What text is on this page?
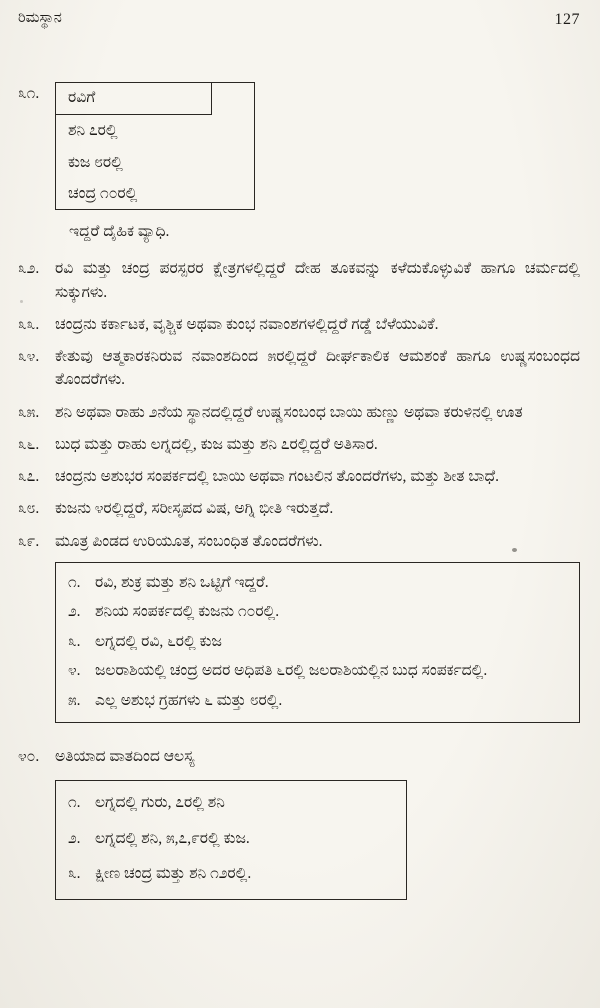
ರಿಮಸ್ಥಾನ	127
೩೧.	ರವಿಗೆ
ಶನಿ ೭ರಲ್ಲಿ
ಕುಜ ೮ರಲ್ಲಿ
ಚಂದ್ರ ೧೦ರಲ್ಲಿ

ಇದ್ದರೆ ದೈಹಿಕ ವ್ಯಾಧಿ.

೩೨.	ರವಿ ಮತ್ತು ಚಂದ್ರ ಪರಸ್ಪರರ ಕ್ಷೇತ್ರಗಳಲ್ಲಿದ್ದರೆ ದೇಹ ತೂಕವನ್ನು ಕಳೆದುಕೊಳ್ಳುವಿಕೆ ಹಾಗೂ ಚರ್ಮದಲ್ಲಿ ಸುಕ್ಕುಗಳು.

೩೩.	ಚಂದ್ರನು ಕರ್ಕಾಟಕ, ವೃಶ್ಚಿಕ ಅಥವಾ ಕುಂಭ ನವಾಂಶಗಳಲ್ಲಿದ್ದರೆ ಗಡ್ಡೆ ಬೆಳೆಯುವಿಕೆ.

೩೪.	ಕೇತುವು ಆತ್ಮಕಾರಕನಿರುವ ನವಾಂಶದಿಂದ ೫ರಲ್ಲಿದ್ದರೆ ದೀರ್ಘಕಾಲಿಕ ಆಮಶಂಕೆ ಹಾಗೂ ಉಷ್ಣಸಂಬಂಧದ ತೊಂದರೆಗಳು.

೩೫.	ಶನಿ ಅಥವಾ ರಾಹು ೨ನೆಯ ಸ್ಥಾನದಲ್ಲಿದ್ದರೆ ಉಷ್ಣಸಂಬಂಧ ಬಾಯಿ ಹುಣ್ಣು ಅಥವಾ ಕರುಳಿನಲ್ಲಿ ಊತ

೩೬.	ಬುಧ ಮತ್ತು ರಾಹು ಲಗ್ನದಲ್ಲಿ, ಕುಜ ಮತ್ತು ಶನಿ ೭ರಲ್ಲಿದ್ದರೆ ಅತಿಸಾರ.

೩೭.	ಚಂದ್ರನು ಅಶುಭರ ಸಂಪರ್ಕದಲ್ಲಿ ಬಾಯಿ ಅಥವಾ ಗಂಟಲಿನ ತೊಂದರೆಗಳು, ಮತ್ತು ಶೀತ ಬಾಧೆ.

೩೮.	ಕುಜನು ೪ರಲ್ಲಿದ್ದರೆ, ಸರೀಸೃಪದ ವಿಷ, ಅಗ್ನಿ ಭೀತಿ ಇರುತ್ತದೆ.

೩೯.	ಮೂತ್ರ ಪಿಂಡದ ಉರಿಯೂತ, ಸಂಬಂಧಿತ ತೊಂದರೆಗಳು.

೧. ರವಿ, ಶುಕ್ರ ಮತ್ತು ಶನಿ ಒಟ್ಟಿಗೆ ಇದ್ದರೆ.

೨. ಶನಿಯ ಸಂಪರ್ಕದಲ್ಲಿ ಕುಜನು ೧೦ರಲ್ಲಿ.

೩. ಲಗ್ನದಲ್ಲಿ ರವಿ, ೬ರಲ್ಲಿ ಕುಜ

೪. ಜಲರಾಶಿಯಲ್ಲಿ ಚಂದ್ರ ಅದರ ಅಧಿಪತಿ ೬ರಲ್ಲಿ ಜಲರಾಶಿಯಲ್ಲಿನ ಬುಧ ಸಂಪರ್ಕದಲ್ಲಿ.

೫. ಎಲ್ಲ ಅಶುಭ ಗ್ರಹಗಳು ೬ ಮತ್ತು ೮ರಲ್ಲಿ.

೪೦.	ಅತಿಯಾದ ವಾತದಿಂದ ಆಲಸ್ಯ

೧. ಲಗ್ನದಲ್ಲಿ ಗುರು, ೭ರಲ್ಲಿ ಶನಿ

೨. ಲಗ್ನದಲ್ಲಿ ಶನಿ, ೫,೭,೯ರಲ್ಲಿ ಕುಜ.

೩. ಕ್ಷೀಣ ಚಂದ್ರ ಮತ್ತು ಶನಿ ೧೨ರಲ್ಲಿ.
